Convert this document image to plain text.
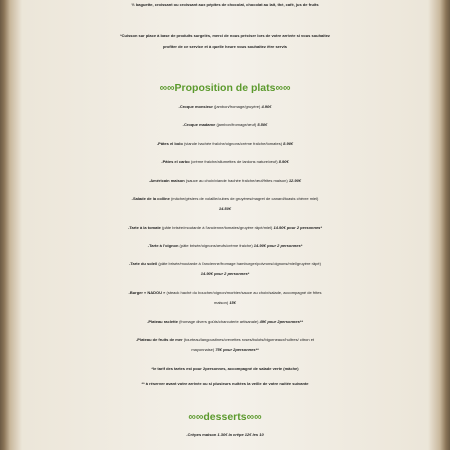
½ baguette, croissant ou croissant aux pépites de chocolat, chocolat au lait, thé, café, jus de fruits
*Cuisson sur place à base de produits surgelés, merci de nous préciser lors de votre arrivée si vous souhaitez
profiter de ce service et à quelle heure vous souhaitez être servis
∞∞Proposition de plats∞∞
-Croque monsieur (jambon/fromage/gruyère) 4.90€
-Croque madame (jambon/fromage/œuf) 5.50€
-Pâtes el bolo (viande hachée fraîche/oignons/crème fraîche/tomates) 8.90€
-Pâtes el carbo (crème fraiche/allumettes de lardons nature/œuf) 8.90€
-Américain maison (sauce au choix/viande hachée fraîche/œuf/frites maison) 12.90€
-Salade de la colline (mâche/gésiers de volaille/cubes de gruyères/magret de canard/toasts chèvre miel)
14.50€
-Tarte à la tomate (pâte brisée/moutarde à l'ancienne/tomates/gruyère râpé/miel) 14.90€ pour 2 personnes*
-Tarte à l'oignon (pâte brisée/oignons/œufs/crème fraiche) 14.90€ pour 2 personnes*
-Tarte du soleil (pâte brisée/moutarde à l'ancienne/fromage hamburger/poivrons/oignons/miel/gruyère râpé)
14.90€ pour 2 personnes*
-Burger « NADOU » (steack haché du boucher/oignon/morbier/sauce au choix/salade, accompagné de frites
maison) 15€
-Plateau raclette (fromage divers goûts/charcuterie artisanale) 49€ pour 2personnes**
-Plateau de fruits de mer (tourteau/langoustines/crevettes roses/bulots/bigorneaux/huîtres/ citron et
mayonnaise) 75€ pour 2personnes**
*le tarif des tartes est pour 2personnes, accompagné de salade verte (mâche)
** à réserver avant votre arrivée ou si plusieurs nuitées la veille de votre nuitée suivante
∞∞desserts∞∞
-Crêpes maison 1.30€ la crêpe 12€ les 10
